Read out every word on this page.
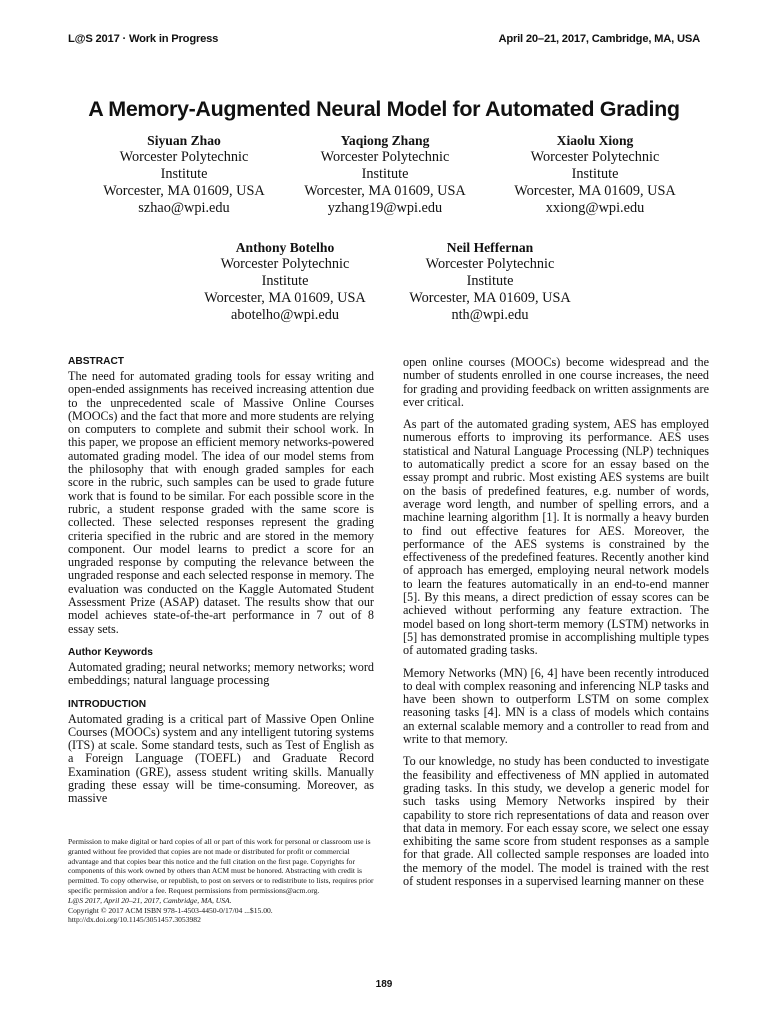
L@S 2017 · Work in Progress	April 20–21, 2017, Cambridge, MA, USA
A Memory-Augmented Neural Model for Automated Grading
Siyuan Zhao
Worcester Polytechnic
Institute
Worcester, MA 01609, USA
szhao@wpi.edu
Yaqiong Zhang
Worcester Polytechnic
Institute
Worcester, MA 01609, USA
yzhang19@wpi.edu
Xiaolu Xiong
Worcester Polytechnic
Institute
Worcester, MA 01609, USA
xxiong@wpi.edu
Anthony Botelho
Worcester Polytechnic
Institute
Worcester, MA 01609, USA
abotelho@wpi.edu
Neil Heffernan
Worcester Polytechnic
Institute
Worcester, MA 01609, USA
nth@wpi.edu
ABSTRACT

The need for automated grading tools for essay writing and open-ended assignments has received increasing attention due to the unprecedented scale of Massive Online Courses (MOOCs) and the fact that more and more students are relying on computers to complete and submit their school work. In this paper, we propose an efficient memory networks-powered automated grading model. The idea of our model stems from the philosophy that with enough graded samples for each score in the rubric, such samples can be used to grade future work that is found to be similar. For each possible score in the rubric, a student response graded with the same score is collected. These selected responses represent the grading criteria specified in the rubric and are stored in the memory component. Our model learns to predict a score for an ungraded response by computing the relevance between the ungraded response and each selected response in memory. The evaluation was conducted on the Kaggle Automated Student Assessment Prize (ASAP) dataset. The results show that our model achieves state-of-the-art performance in 7 out of 8 essay sets.

Author Keywords

Automated grading; neural networks; memory networks; word embeddings; natural language processing

INTRODUCTION

Automated grading is a critical part of Massive Open Online Courses (MOOCs) system and any intelligent tutoring systems (ITS) at scale. Some standard tests, such as Test of English as a Foreign Language (TOEFL) and Graduate Record Examination (GRE), assess student writing skills. Manually grading these essay will be time-consuming. Moreover, as massive

Permission to make digital or hard copies of all or part of this work for personal or classroom use is granted without fee provided that copies are not made or distributed for profit or commercial advantage and that copies bear this notice and the full citation on the first page. Copyrights for components of this work owned by others than ACM must be honored. Abstracting with credit is permitted. To copy otherwise, or republish, to post on servers or to redistribute to lists, requires prior specific permission and/or a fee. Request permissions from permissions@acm.org.

L@S 2017, April 20–21, 2017, Cambridge, MA, USA.

Copyright © 2017 ACM ISBN 978-1-4503-4450-0/17/04 ...$15.00.

http://dx.doi.org/10.1145/3051457.3053982

open online courses (MOOCs) become widespread and the number of students enrolled in one course increases, the need for grading and providing feedback on written assignments are ever critical.

As part of the automated grading system, AES has employed numerous efforts to improving its performance. AES uses statistical and Natural Language Processing (NLP) techniques to automatically predict a score for an essay based on the essay prompt and rubric. Most existing AES systems are built on the basis of predefined features, e.g. number of words, average word length, and number of spelling errors, and a machine learning algorithm [1]. It is normally a heavy burden to find out effective features for AES. Moreover, the performance of the AES systems is constrained by the effectiveness of the predefined features. Recently another kind of approach has emerged, employing neural network models to learn the features automatically in an end-to-end manner [5]. By this means, a direct prediction of essay scores can be achieved without performing any feature extraction. The model based on long short-term memory (LSTM) networks in [5] has demonstrated promise in accomplishing multiple types of automated grading tasks.

Memory Networks (MN) [6, 4] have been recently introduced to deal with complex reasoning and inferencing NLP tasks and have been shown to outperform LSTM on some complex reasoning tasks [4]. MN is a class of models which contains an external scalable memory and a controller to read from and write to that memory.

To our knowledge, no study has been conducted to investigate the feasibility and effectiveness of MN applied in automated grading tasks. In this study, we develop a generic model for such tasks using Memory Networks inspired by their capability to store rich representations of data and reason over that data in memory. For each essay score, we select one essay exhibiting the same score from student responses as a sample for that grade. All collected sample responses are loaded into the memory of the model. The model is trained with the rest of student responses in a supervised learning manner on these

189
